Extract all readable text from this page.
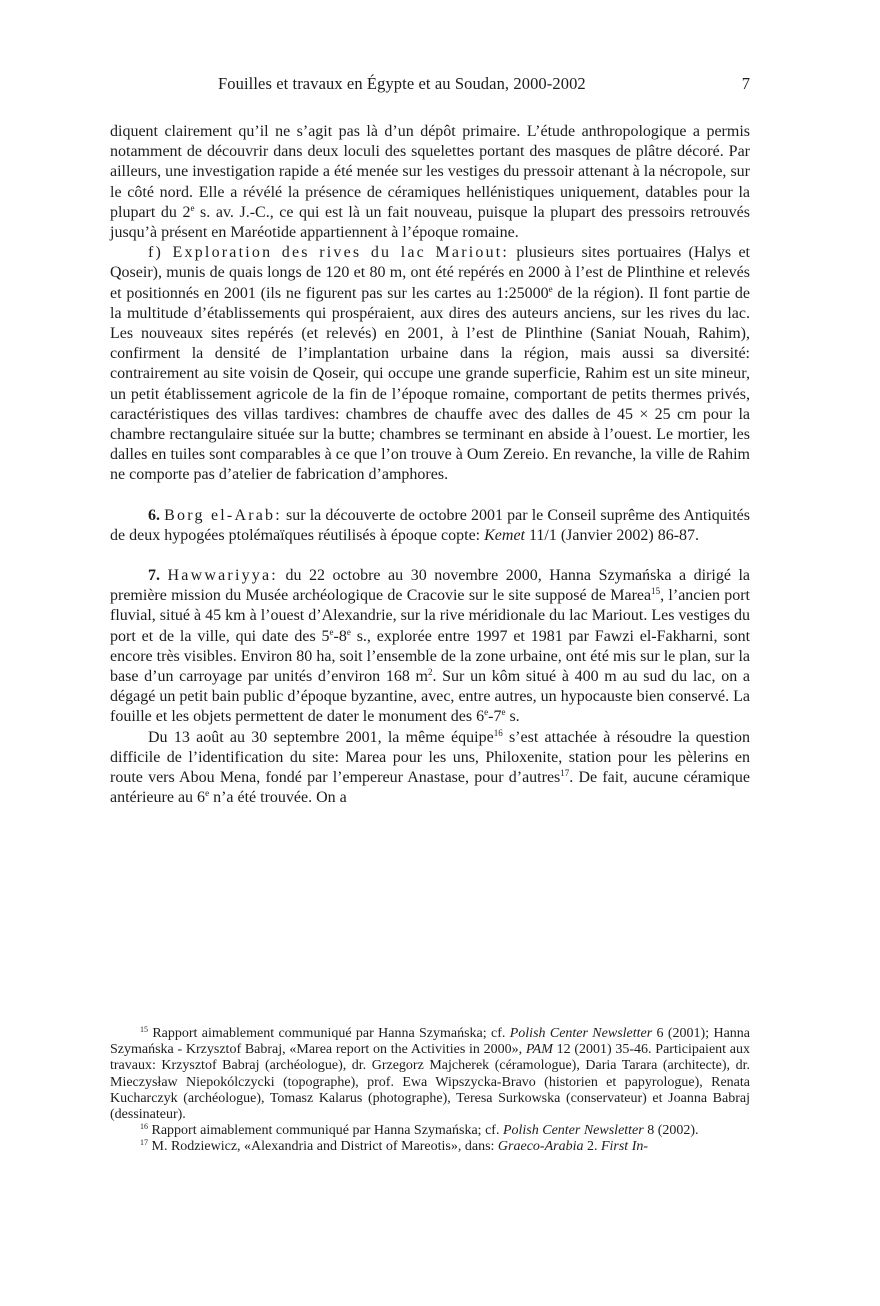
Fouilles et travaux en Égypte et au Soudan, 2000-2002	7

diquent clairement qu’il ne s’agit pas là d’un dépôt primaire. L’étude anthropologique a permis notamment de découvrir dans deux loculi des squelettes portant des masques de plâtre décoré. Par ailleurs, une investigation rapide a été menée sur les vestiges du pressoir attenant à la nécropole, sur le côté nord. Elle a révélé la présence de céramiques hellénistiques uniquement, datables pour la plupart du 2e s. av. J.-C., ce qui est là un fait nouveau, puisque la plupart des pressoirs retrouvés jusqu’à présent en Maréotide appartiennent à l’époque romaine.

f) Exploration des rives du lac Mariout: plusieurs sites portuaires (Halys et Qoseir), munis de quais longs de 120 et 80 m, ont été repérés en 2000 à l’est de Plinthine et relevés et positionnés en 2001 (ils ne figurent pas sur les cartes au 1:25000e de la région). Il font partie de la multitude d’établissements qui prospéraient, aux dires des auteurs anciens, sur les rives du lac. Les nouveaux sites repérés (et relevés) en 2001, à l’est de Plinthine (Saniat Nouah, Rahim), confirment la densité de l’implantation urbaine dans la région, mais aussi sa diversité: contrairement au site voisin de Qoseir, qui occupe une grande superficie, Rahim est un site mineur, un petit établissement agricole de la fin de l’époque romaine, comportant de petits thermes privés, caractéristiques des villas tardives: chambres de chauffe avec des dalles de 45 × 25 cm pour la chambre rectangulaire située sur la butte; chambres se terminant en abside à l’ouest. Le mortier, les dalles en tuiles sont comparables à ce que l’on trouve à Oum Zereio. En revanche, la ville de Rahim ne comporte pas d’atelier de fabrication d’amphores.

6. Borg el-Arab: sur la découverte de octobre 2001 par le Conseil suprême des Antiquités de deux hypogées ptolémaïques réutilisés à époque copte: Kemet 11/1 (Janvier 2002) 86-87.

7. Hawwariyya: du 22 octobre au 30 novembre 2000, Hanna Szymańska a dirigé la première mission du Musée archéologique de Cracovie sur le site supposé de Marea$^{15}$, l’ancien port fluvial, situé à 45 km à l’ouest d’Alexandrie, sur la rive méridionale du lac Mariout. Les vestiges du port et de la ville, qui date des 5e-8e s., explorée entre 1997 et 1981 par Fawzi el-Fakharni, sont encore très visibles. Environ 80 ha, soit l’ensemble de la zone urbaine, ont été mis sur le plan, sur la base d’un carroyage par unités d’environ 168 $m^2$. Sur un kôm situé à 400 m au sud du lac, on a dégagé un petit bain public d’époque byzantine, avec, entre autres, un hypocauste bien conservé. La fouille et les objets permettent de dater le monument des 6e-7e s.

Du 13 août au 30 septembre 2001, la même équipe$^{16}$ s’est attachée à résoudre la question difficile de l’identification du site: Marea pour les uns, Philoxenite, station pour les pèlerins en route vers Abou Mena, fondé par l’empereur Anastase, pour d’autres$^{17}$. De fait, aucune céramique antérieure au 6e n’a été trouvée. On a

$^{15}$ Rapport aimablement communiqué par Hanna Szymańska; cf. Polish Center Newsletter 6 (2001); Hanna Szymańska - Krzysztof Babraj, «Marea report on the Activities in 2000», PAM 12 (2001) 35-46. Participaient aux travaux: Krzysztof Babraj (archéologue), dr. Grzegorz Majcherek (céramologue), Daria Tarara (architecte), dr. Mieczysław Niepokólczycki (topographe), prof. Ewa Wipszycka-Bravo (historien et papyrologue), Renata Kucharczyk (archéologue), Tomasz Kalarus (photographe), Teresa Surkowska (conservateur) et Joanna Babraj (dessinateur).

$^{16}$ Rapport aimablement communiqué par Hanna Szymańska; cf. Polish Center Newsletter 8 (2002).

$^{17}$ M. Rodziewicz, «Alexandria and District of Mareotis», dans: Graeco-Arabia 2. First In-
